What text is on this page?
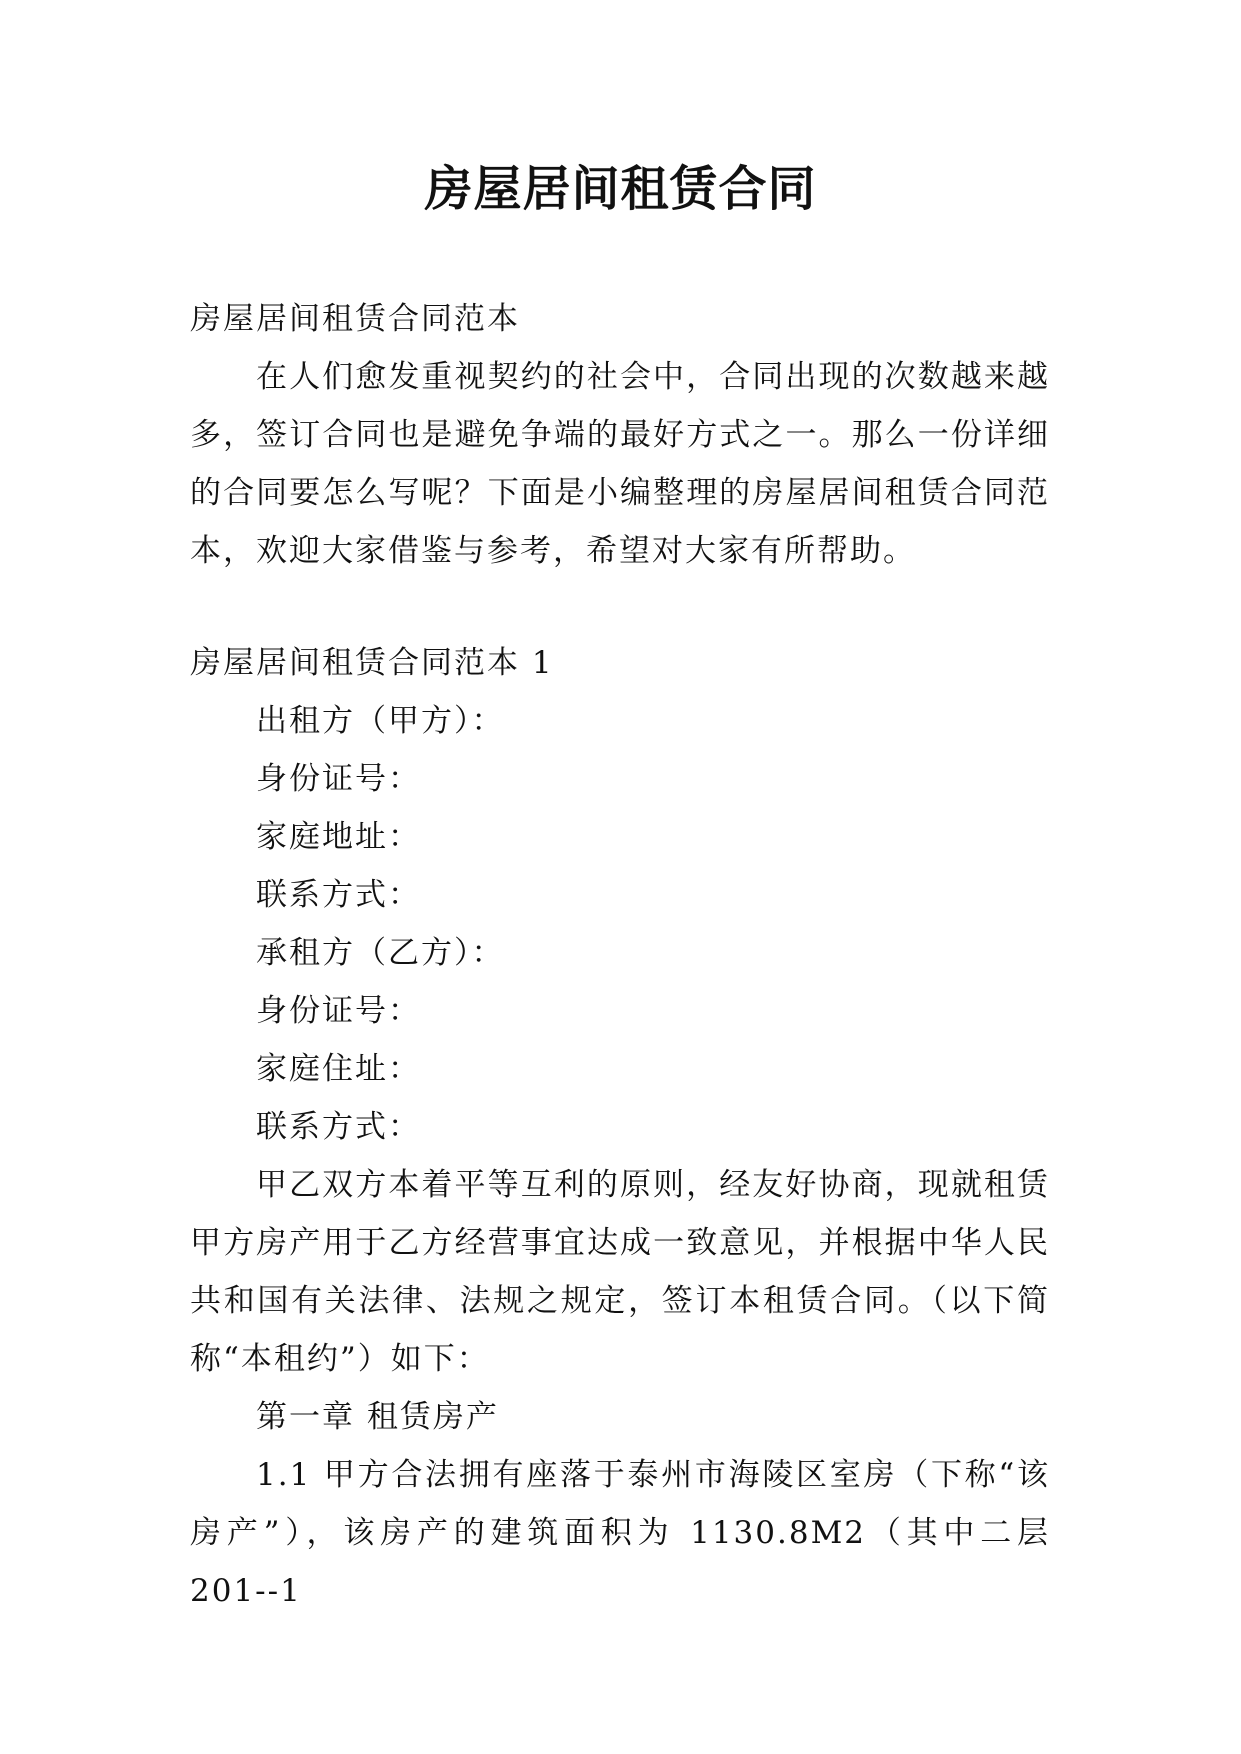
房屋居间租赁合同

房屋居间租赁合同范本

在人们愈发重视契约的社会中，合同出现的次数越来越多，签订合同也是避免争端的最好方式之一。那么一份详细的合同要怎么写呢？下面是小编整理的房屋居间租赁合同范本，欢迎大家借鉴与参考，希望对大家有所帮助。

房屋居间租赁合同范本 1

出租方（甲方）：

身份证号：

家庭地址：

联系方式：

承租方（乙方）：

身份证号：

家庭住址：

联系方式：

甲乙双方本着平等互利的原则，经友好协商，现就租赁甲方房产用于乙方经营事宜达成一致意见，并根据中华人民共和国有关法律、法规之规定，签订本租赁合同。（以下简称“本租约”）如下：

第一章 租赁房产

1.1 甲方合法拥有座落于泰州市海陵区室房（下称“该房产”），该房产的建筑面积为 1130.8M2（其中二层 201--1
